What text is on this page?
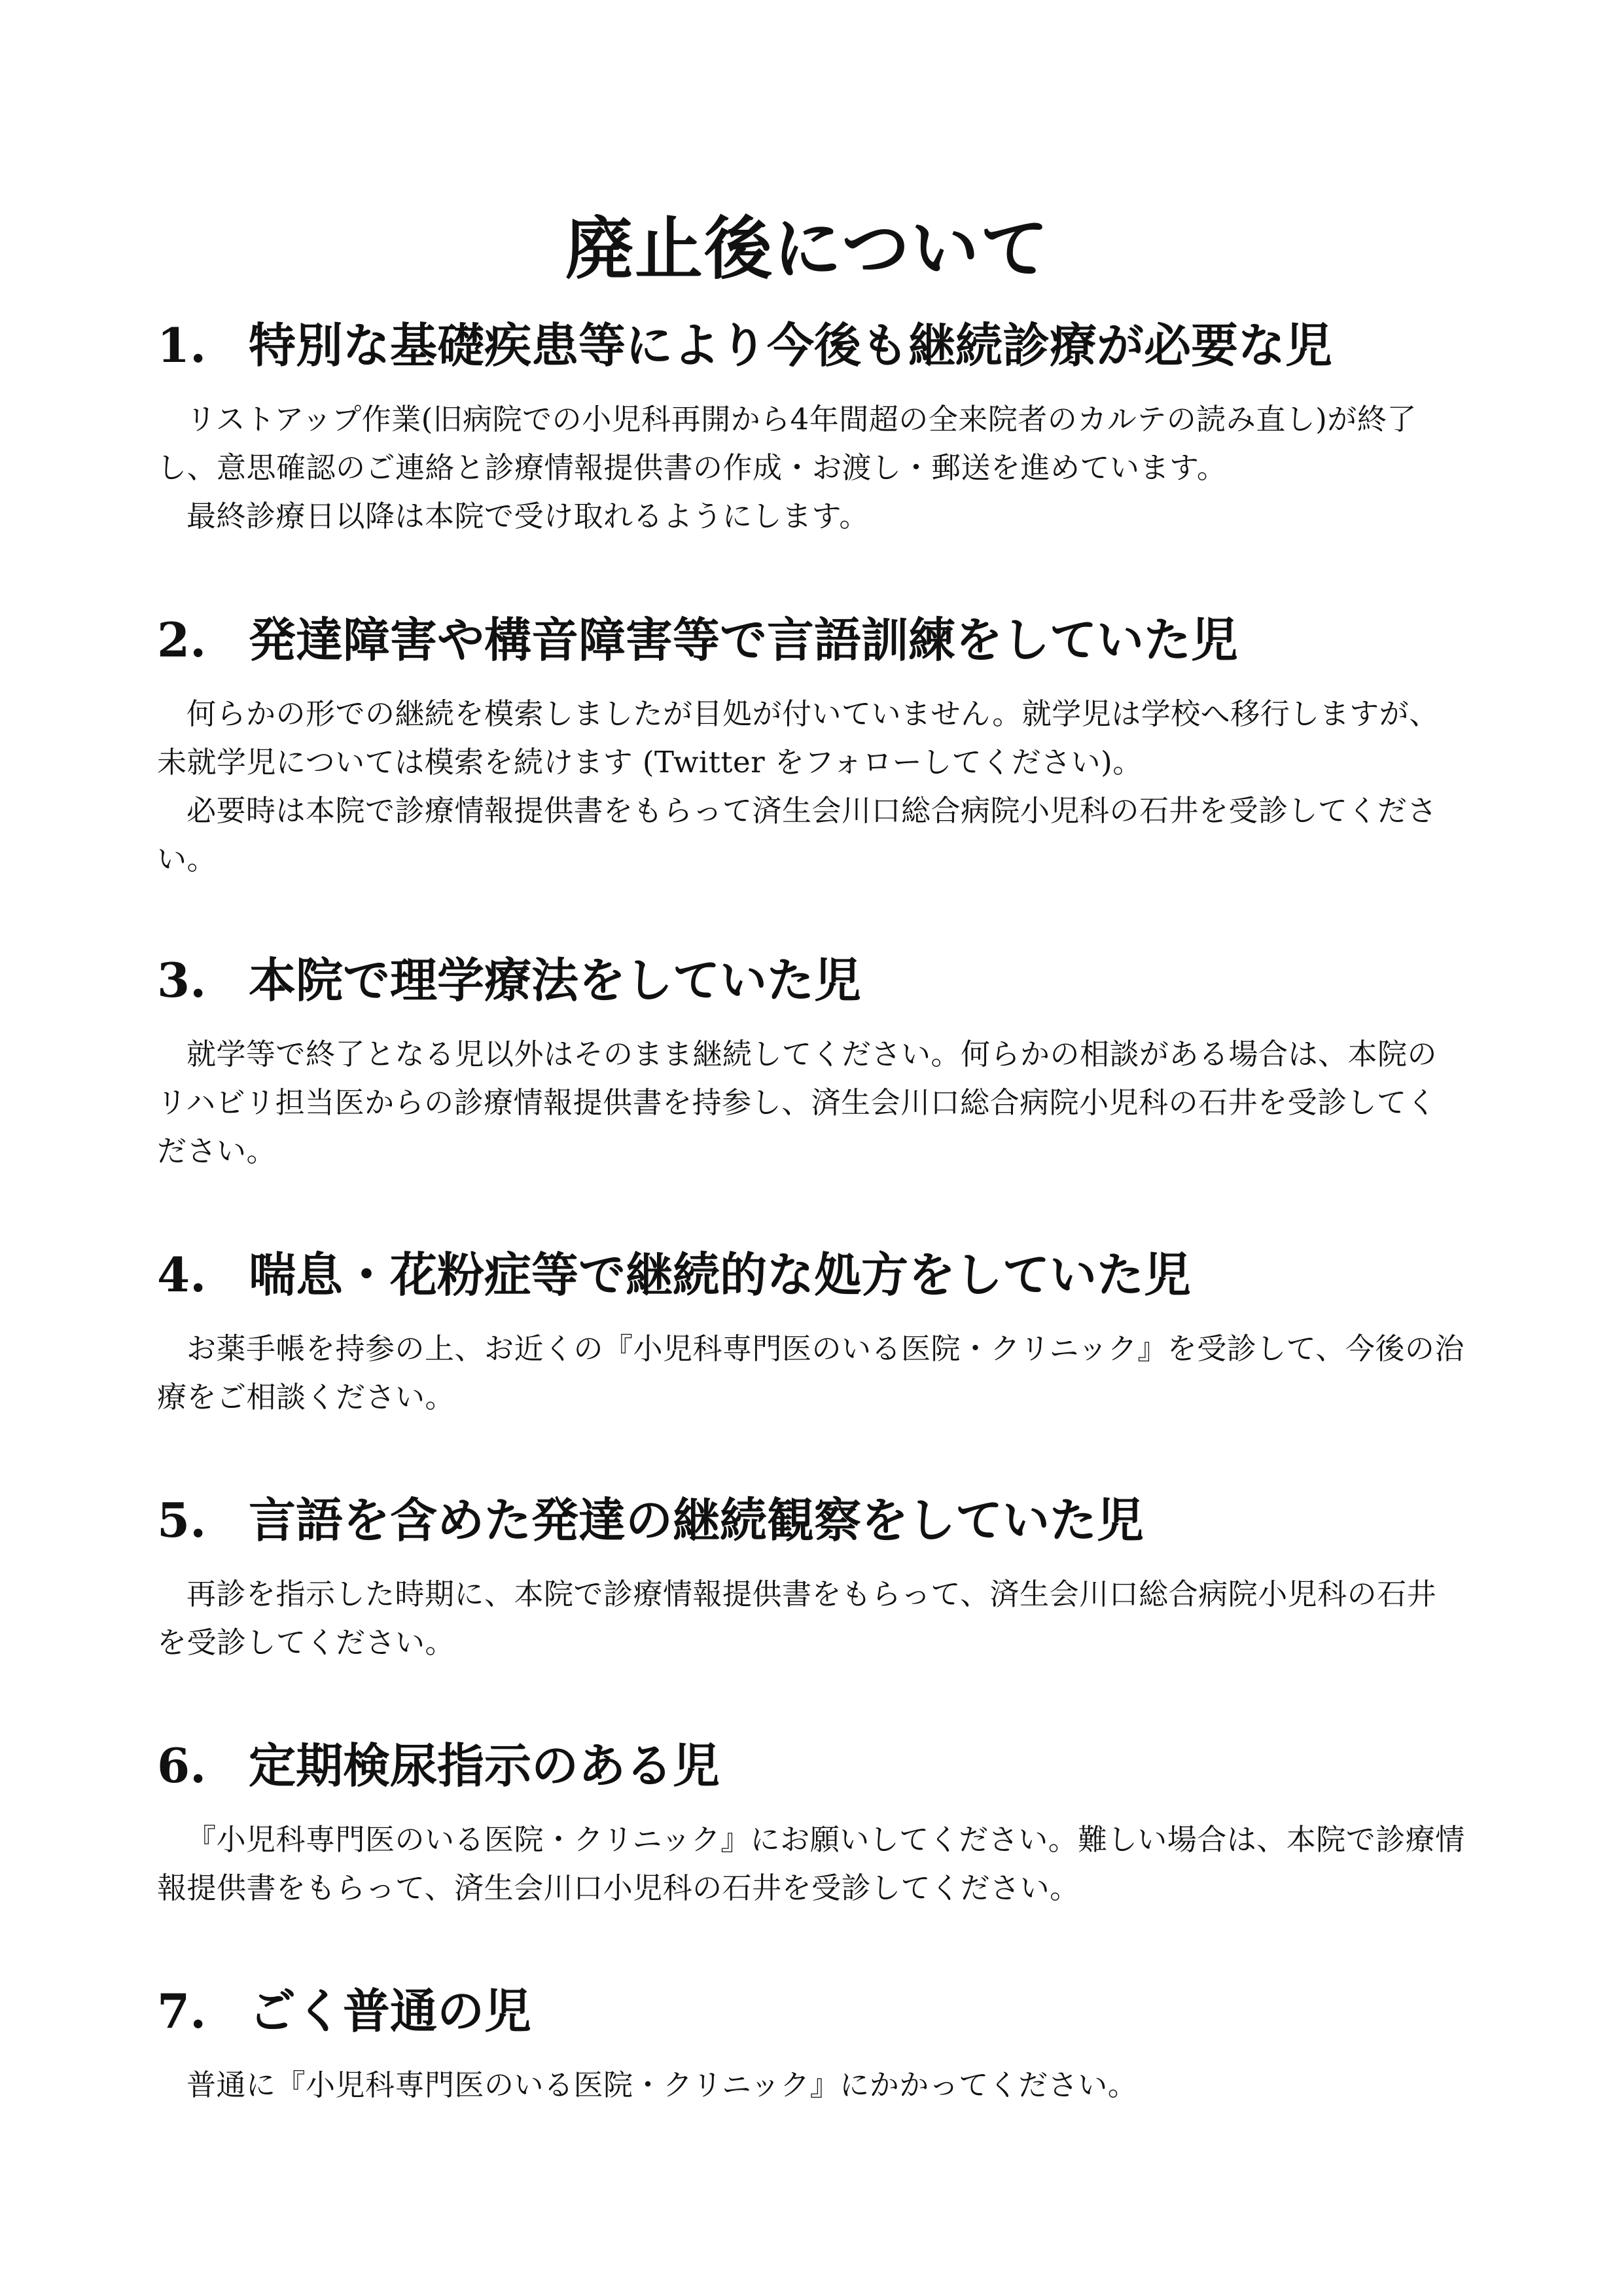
廃止後について
1. 特別な基礎疾患等により今後も継続診療が必要な児

リストアップ作業(旧病院での小児科再開から4年間超の全来院者のカルテの読み直し)が終了し、意思確認のご連絡と診療情報提供書の作成・お渡し・郵送を進めています。

最終診療日以降は本院で受け取れるようにします。

2. 発達障害や構音障害等で言語訓練をしていた児

何らかの形での継続を模索しましたが目処が付いていません。就学児は学校へ移行しますが、未就学児については模索を続けます (Twitter をフォローしてください)。

必要時は本院で診療情報提供書をもらって済生会川口総合病院小児科の石井を受診してください。

3. 本院で理学療法をしていた児

就学等で終了となる児以外はそのまま継続してください。何らかの相談がある場合は、本院のリハビリ担当医からの診療情報提供書を持参し、済生会川口総合病院小児科の石井を受診してください。

4. 喘息・花粉症等で継続的な処方をしていた児

お薬手帳を持参の上、お近くの『小児科専門医のいる医院・クリニック』を受診して、今後の治療をご相談ください。

5. 言語を含めた発達の継続観察をしていた児

再診を指示した時期に、本院で診療情報提供書をもらって、済生会川口総合病院小児科の石井を受診してください。

6. 定期検尿指示のある児

『小児科専門医のいる医院・クリニック』にお願いしてください。難しい場合は、本院で診療情報提供書をもらって、済生会川口小児科の石井を受診してください。

7. ごく普通の児

普通に『小児科専門医のいる医院・クリニック』にかかってください。
